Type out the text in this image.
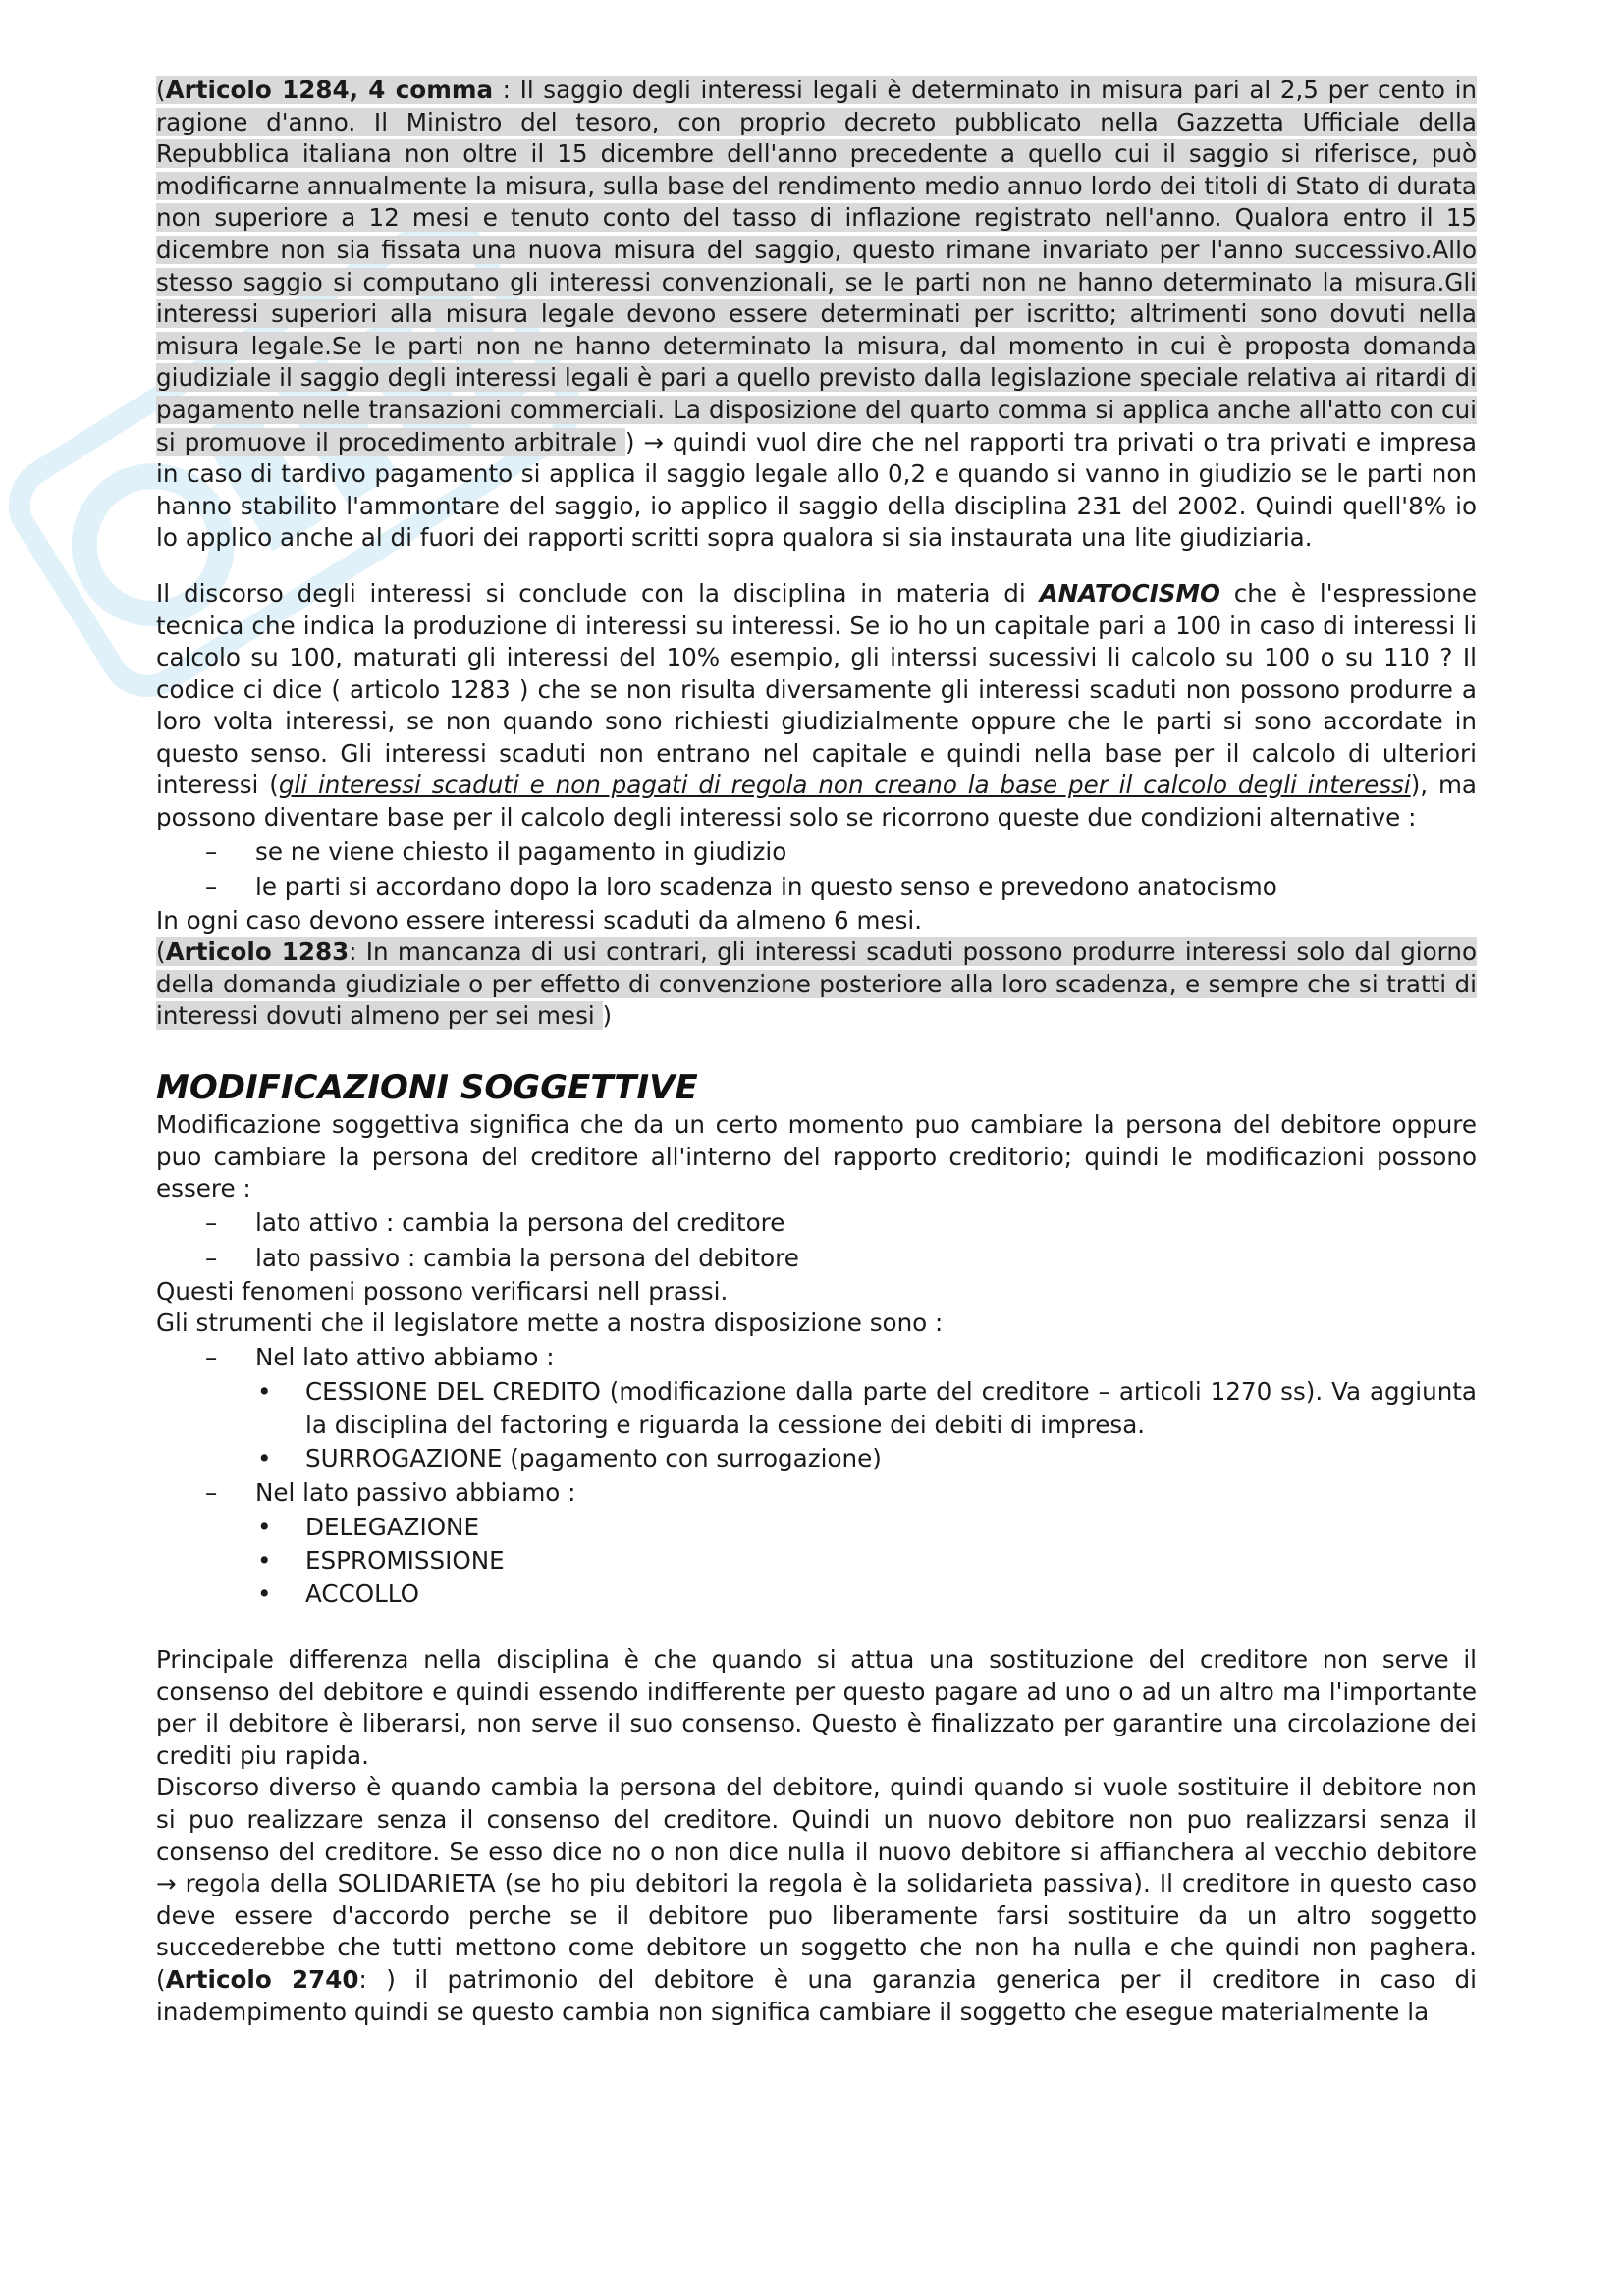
(Articolo 1284, 4 comma : Il saggio degli interessi legali è determinato in misura pari al 2,5 per cento in ragione d'anno. Il Ministro del tesoro, con proprio decreto pubblicato nella Gazzetta Ufficiale della Repubblica italiana non oltre il 15 dicembre dell'anno precedente a quello cui il saggio si riferisce, può modificarne annualmente la misura, sulla base del rendimento medio annuo lordo dei titoli di Stato di durata non superiore a 12 mesi e tenuto conto del tasso di inflazione registrato nell'anno. Qualora entro il 15 dicembre non sia fissata una nuova misura del saggio, questo rimane invariato per l'anno successivo.Allo stesso saggio si computano gli interessi convenzionali, se le parti non ne hanno determinato la misura.Gli interessi superiori alla misura legale devono essere determinati per iscritto; altrimenti sono dovuti nella misura legale.Se le parti non ne hanno determinato la misura, dal momento in cui è proposta domanda giudiziale il saggio degli interessi legali è pari a quello previsto dalla legislazione speciale relativa ai ritardi di pagamento nelle transazioni commerciali. La disposizione del quarto comma si applica anche all'atto con cui si promuove il procedimento arbitrale ) → quindi vuol dire che nel rapporti tra privati o tra privati e impresa in caso di tardivo pagamento si applica il saggio legale allo 0,2 e quando si vanno in giudizio se le parti non hanno stabilito l'ammontare del saggio, io applico il saggio della disciplina 231 del 2002. Quindi quell'8% io lo applico anche al di fuori dei rapporti scritti sopra qualora si sia instaurata una lite giudiziaria.

Il discorso degli interessi si conclude con la disciplina in materia di ANATOCISMO che è l'espressione tecnica che indica la produzione di interessi su interessi. Se io ho un capitale pari a 100 in caso di interessi li calcolo su 100, maturati gli interessi del 10% esempio, gli interssi sucessivi li calcolo su 100 o su 110 ? Il codice ci dice ( articolo 1283 ) che se non risulta diversamente gli interessi scaduti non possono produrre a loro volta interessi, se non quando sono richiesti giudizialmente oppure che le parti si sono accordate in questo senso. Gli interessi scaduti non entrano nel capitale e quindi nella base per il calcolo di ulteriori interessi (gli interessi scaduti e non pagati di regola non creano la base per il calcolo degli interessi), ma possono diventare base per il calcolo degli interessi solo se ricorrono queste due condizioni alternative :

– se ne viene chiesto il pagamento in giudizio
– le parti si accordano dopo la loro scadenza in questo senso e prevedono anatocismo

In ogni caso devono essere interessi scaduti da almeno 6 mesi.

(Articolo 1283: In mancanza di usi contrari, gli interessi scaduti possono produrre interessi solo dal giorno della domanda giudiziale o per effetto di convenzione posteriore alla loro scadenza, e sempre che si tratti di interessi dovuti almeno per sei mesi )

MODIFICAZIONI SOGGETTIVE

Modificazione soggettiva significa che da un certo momento puo cambiare la persona del debitore oppure puo cambiare la persona del creditore all'interno del rapporto creditorio; quindi le modificazioni possono essere :

– lato attivo : cambia la persona del creditore
– lato passivo : cambia la persona del debitore

Questi fenomeni possono verificarsi nell prassi.

Gli strumenti che il legislatore mette a nostra disposizione sono :

– Nel lato attivo abbiamo :
• CESSIONE DEL CREDITO (modificazione dalla parte del creditore – articoli 1270 ss). Va aggiunta la disciplina del factoring e riguarda la cessione dei debiti di impresa.
• SURROGAZIONE (pagamento con surrogazione)
– Nel lato passivo abbiamo :
• DELEGAZIONE
• ESPROMISSIONE
• ACCOLLO

Principale differenza nella disciplina è che quando si attua una sostituzione del creditore non serve il consenso del debitore e quindi essendo indifferente per questo pagare ad uno o ad un altro ma l'importante per il debitore è liberarsi, non serve il suo consenso. Questo è finalizzato per garantire una circolazione dei crediti piu rapida.

Discorso diverso è quando cambia la persona del debitore, quindi quando si vuole sostituire il debitore non si puo realizzare senza il consenso del creditore. Quindi un nuovo debitore non puo realizzarsi senza il consenso del creditore. Se esso dice no o non dice nulla il nuovo debitore si affianchera al vecchio debitore → regola della SOLIDARIETA (se ho piu debitori la regola è la solidarieta passiva). Il creditore in questo caso deve essere d'accordo perche se il debitore puo liberamente farsi sostituire da un altro soggetto succederebbe che tutti mettono come debitore un soggetto che non ha nulla e che quindi non paghera. (Articolo 2740: ) il patrimonio del debitore è una garanzia generica per il creditore in caso di inadempimento quindi se questo cambia non significa cambiare il soggetto che esegue materialmente la
